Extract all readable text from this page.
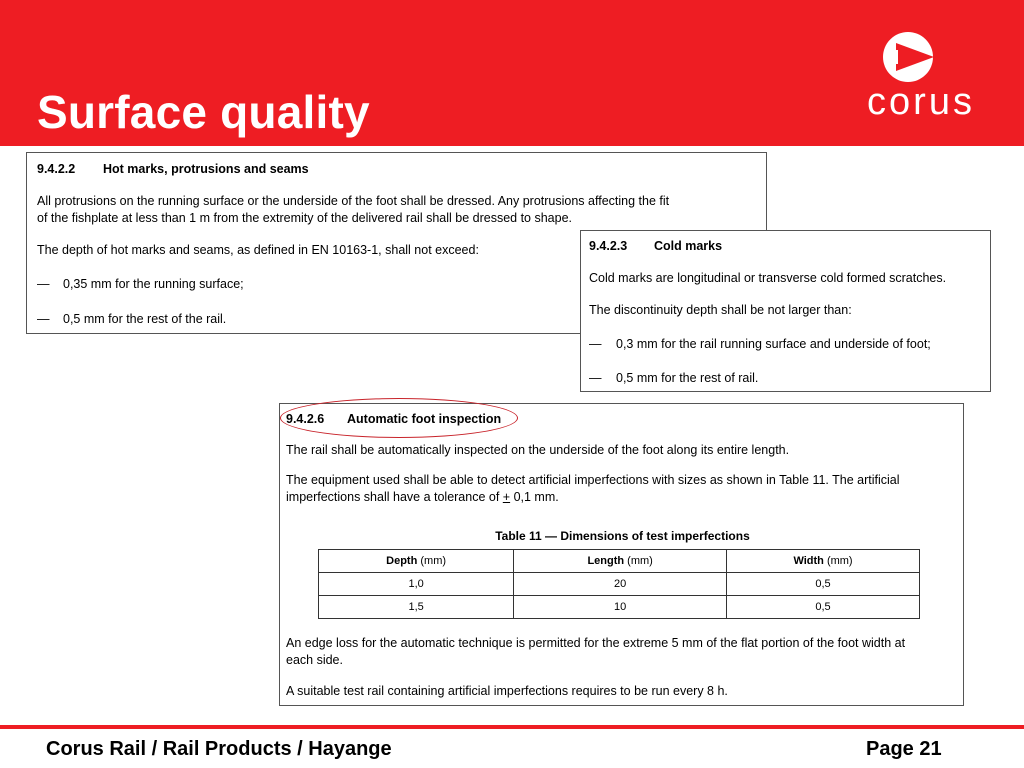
Surface quality	corus

9.4.2.2 Hot marks, protrusions and seams

All protrusions on the running surface or the underside of the foot shall be dressed. Any protrusions affecting the fit

of the fishplate at less than 1 m from the extremity of the delivered rail shall be dressed to shape.

The depth of hot marks and seams, as defined in EN 10163-1, shall not exceed:

— 0,35 mm for the running surface;

— 0,5 mm for the rest of the rail.

9.4.2.3 Cold marks

Cold marks are longitudinal or transverse cold formed scratches.

The discontinuity depth shall be not larger than:

— 0,3 mm for the rail running surface and underside of foot;

— 0,5 mm for the rest of rail.

9.4.2.6 Automatic foot inspection

The rail shall be automatically inspected on the underside of the foot along its entire length.

The equipment used shall be able to detect artificial imperfections with sizes as shown in Table 11. The artificial

imperfections shall have a tolerance of + 0,1 mm.

Table 11 — Dimensions of test imperfections
Depth (mm)	Length (mm)	Width (mm)
1,0	20	0,5
1,5	10	0,5

An edge loss for the automatic technique is permitted for the extreme 5 mm of the flat portion of the foot width at

each side.

A suitable test rail containing artificial imperfections requires to be run every 8 h.

Corus Rail / Rail Products / Hayange	Page 21
